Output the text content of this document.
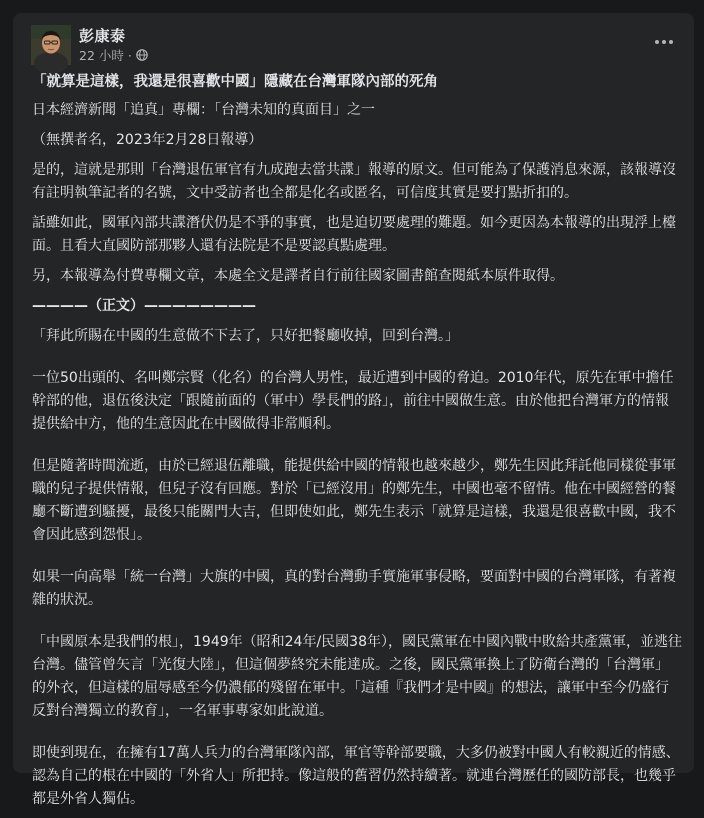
彭康泰
22 小時 ·

「就算是這樣，我還是很喜歡中國」隱藏在台灣軍隊內部的死角

日本經濟新聞「追真」專欄：「台灣未知的真面目」之一

（無撰者名，2023年2月28日報導）

是的，這就是那則「台灣退伍軍官有九成跑去當共諜」報導的原文。但可能為了保護消息來源，該報導沒有註明執筆記者的名號，文中受訪者也全都是化名或匿名，可信度其實是要打點折扣的。

話雖如此，國軍內部共諜潛伏仍是不爭的事實，也是迫切要處理的難題。如今更因為本報導的出現浮上檯面。且看大直國防部那夥人還有法院是不是要認真點處理。

另，本報導為付費專欄文章，本處全文是譯者自行前往國家圖書館查閱紙本原件取得。

————（正文）————————

「拜此所賜在中國的生意做不下去了，只好把餐廳收掉，回到台灣。」

一位50出頭的、名叫鄭宗賢（化名）的台灣人男性，最近遭到中國的脅迫。2010年代，原先在軍中擔任幹部的他，退伍後決定「跟隨前面的（軍中）學長們的路」，前往中國做生意。由於他把台灣軍方的情報提供給中方，他的生意因此在中國做得非常順利。

但是隨著時間流逝，由於已經退伍離職，能提供給中國的情報也越來越少，鄭先生因此拜託他同樣從事軍職的兒子提供情報，但兒子沒有回應。對於「已經沒用」的鄭先生，中國也毫不留情。他在中國經營的餐廳不斷遭到騷擾，最後只能關門大吉，但即使如此，鄭先生表示「就算是這樣，我還是很喜歡中國，我不會因此感到怨恨」。

如果一向高舉「統一台灣」大旗的中國，真的對台灣動手實施軍事侵略，要面對中國的台灣軍隊，有著複雜的狀況。

「中國原本是我們的根」，1949年（昭和24年/民國38年），國民黨軍在中國內戰中敗給共產黨軍，並逃往台灣。儘管曾矢言「光復大陸」，但這個夢終究未能達成。之後，國民黨軍換上了防衛台灣的「台灣軍」的外衣，但這樣的屈辱感至今仍濃郁的殘留在軍中。「這種『我們才是中國』的想法，讓軍中至今仍盛行反對台灣獨立的教育」，一名軍事專家如此說道。

即使到現在，在擁有17萬人兵力的台灣軍隊內部，軍官等幹部要職，大多仍被對中國人有較親近的情感、認為自己的根在中國的「外省人」所把持。像這般的舊習仍然持續著。就連台灣歷任的國防部長，也幾乎都是外省人獨佔。
